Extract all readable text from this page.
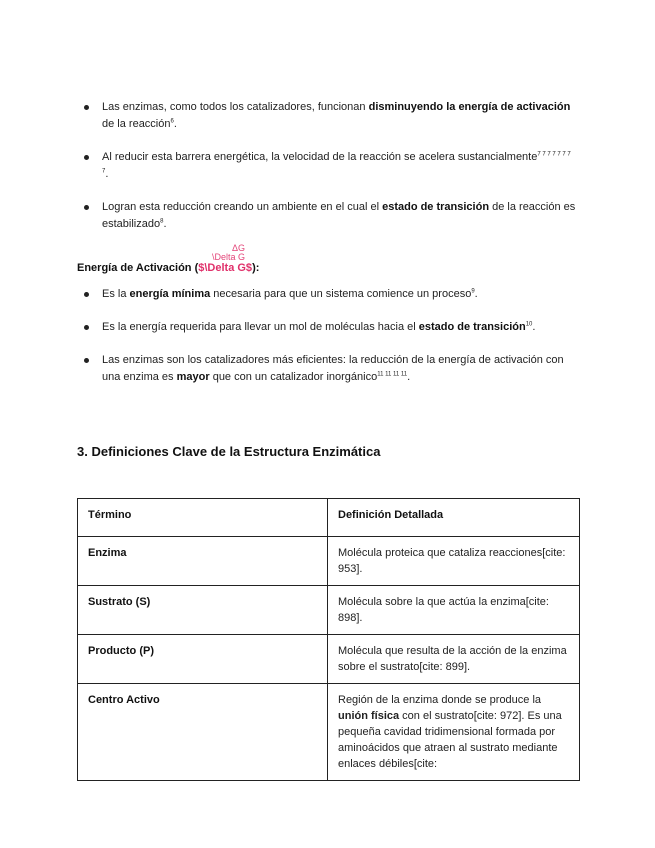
Las enzimas, como todos los catalizadores, funcionan disminuyendo la energía de activación de la reacción$^6$.
Al reducir esta barrera energética, la velocidad de la reacción se acelera sustancialmente$^{7 7 7 7 7 7 7 7}$.
Logran esta reducción creando un ambiente en el cual el estado de transición de la reacción es estabilizado$^8$.
ΔG
\Delta G
Energía de Activación ($\Delta G$):
Es la energía mínima necesaria para que un sistema comience un proceso$^9$.
Es la energía requerida para llevar un mol de moléculas hacia el estado de transición$^{10}$.
Las enzimas son los catalizadores más eficientes: la reducción de la energía de activación con una enzima es mayor que con un catalizador inorgánico$^{11 11 11 11}$.
3. Definiciones Clave de la Estructura Enzimática
Término	Definición Detallada
Enzima	Molécula proteica que cataliza reacciones[cite: 953].
Sustrato (S)	Molécula sobre la que actúa la enzima[cite: 898].
Producto (P)	Molécula que resulta de la acción de la enzima sobre el sustrato[cite: 899].
Centro Activo	Región de la enzima donde se produce la unión física con el sustrato[cite: 972]. Es una pequeña cavidad tridimensional formada por aminoácidos que atraen al sustrato mediante enlaces débiles[cite:
